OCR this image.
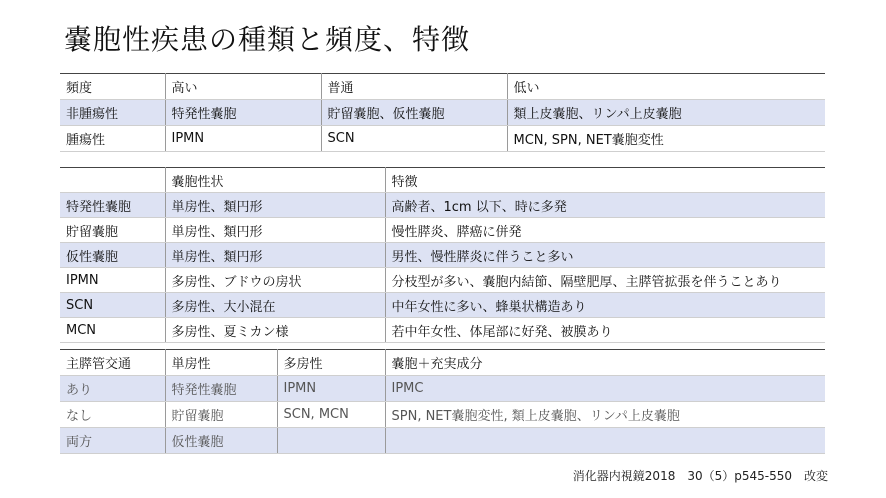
嚢胞性疾患の種類と頻度、特徴
頻度	高い	普通	低い
非腫瘍性	特発性嚢胞	貯留嚢胞、仮性嚢胞	類上皮嚢胞、リンパ上皮嚢胞
腫瘍性	IPMN	SCN	MCN, SPN, NET嚢胞変性
	嚢胞性状	特徴
特発性嚢胞	単房性、類円形	高齢者、1cm 以下、時に多発
貯留嚢胞	単房性、類円形	慢性膵炎、膵癌に併発
仮性嚢胞	単房性、類円形	男性、慢性膵炎に伴うこと多い
IPMN	多房性、ブドウの房状	分枝型が多い、嚢胞内結節、隔壁肥厚、主膵管拡張を伴うことあり
SCN	多房性、大小混在	中年女性に多い、蜂巣状構造あり
MCN	多房性、夏ミカン様	若中年女性、体尾部に好発、被膜あり
主膵管交通	単房性	多房性	嚢胞＋充実成分
あり	特発性嚢胞	IPMN	IPMC
なし	貯留嚢胞	SCN, MCN	SPN, NET嚢胞変性, 類上皮嚢胞、リンパ上皮嚢胞
両方	仮性嚢胞		
消化器内視鏡2018　30（5）p545-550　改変
